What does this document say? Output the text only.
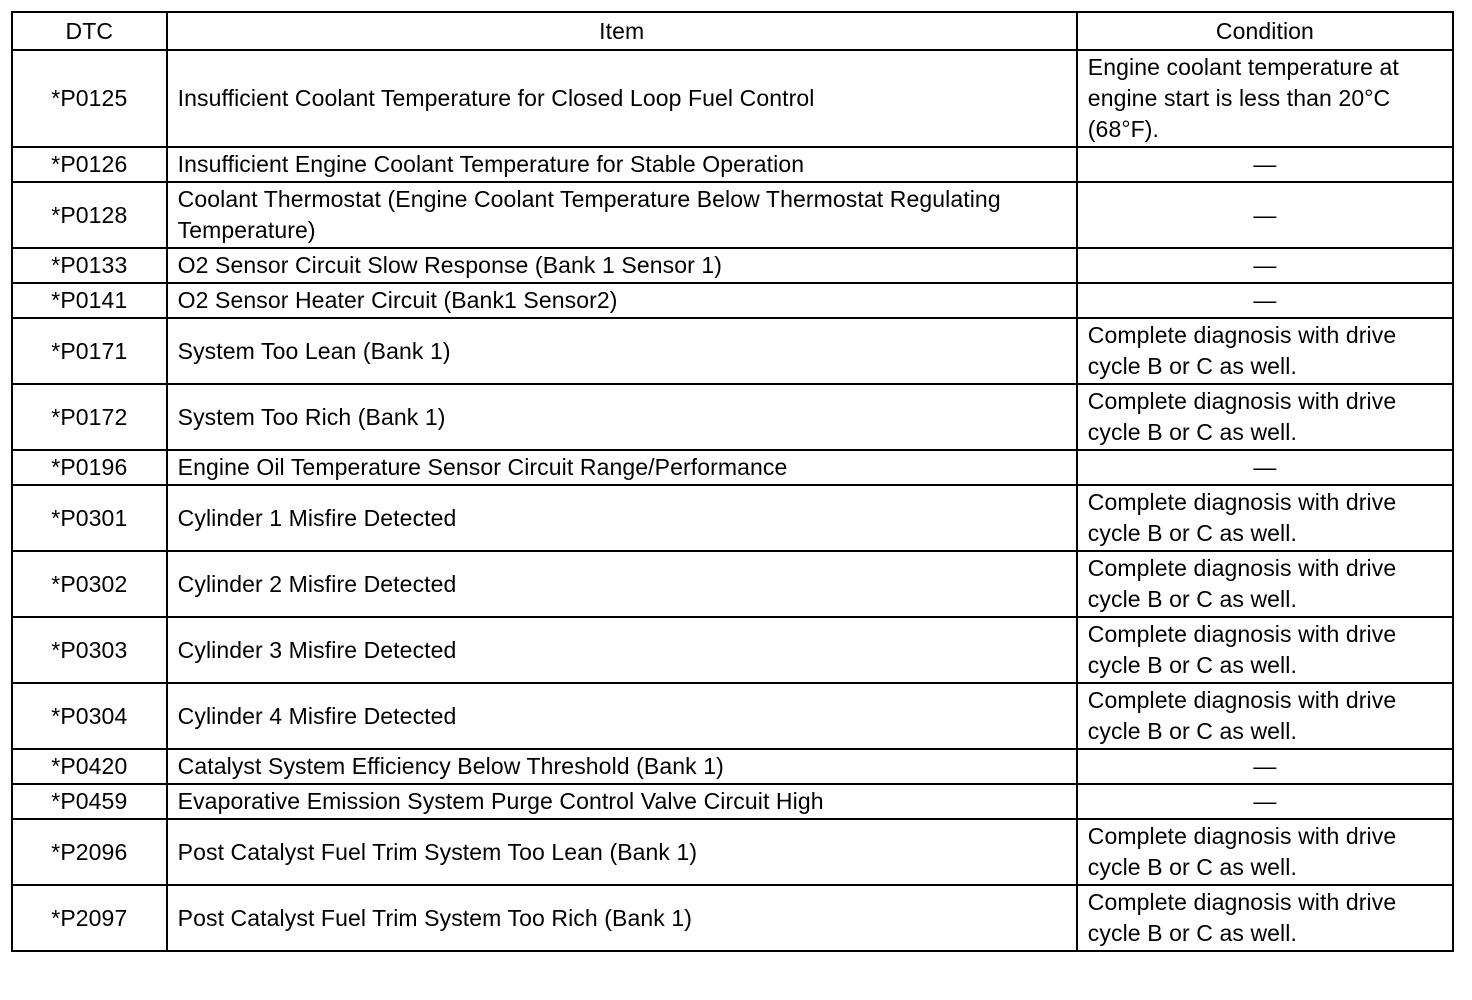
DTC	Item	Condition
*P0125	Insufficient Coolant Temperature for Closed Loop Fuel Control	Engine coolant temperature at engine start is less than 20°C (68°F).
*P0126	Insufficient Engine Coolant Temperature for Stable Operation	—
*P0128	Coolant Thermostat (Engine Coolant Temperature Below Thermostat Regulating Temperature)	—
*P0133	O2 Sensor Circuit Slow Response (Bank 1 Sensor 1)	—
*P0141	O2 Sensor Heater Circuit (Bank1 Sensor2)	—
*P0171	System Too Lean (Bank 1)	Complete diagnosis with drive cycle B or C as well.
*P0172	System Too Rich (Bank 1)	Complete diagnosis with drive cycle B or C as well.
*P0196	Engine Oil Temperature Sensor Circuit Range/Performance	—
*P0301	Cylinder 1 Misfire Detected	Complete diagnosis with drive cycle B or C as well.
*P0302	Cylinder 2 Misfire Detected	Complete diagnosis with drive cycle B or C as well.
*P0303	Cylinder 3 Misfire Detected	Complete diagnosis with drive cycle B or C as well.
*P0304	Cylinder 4 Misfire Detected	Complete diagnosis with drive cycle B or C as well.
*P0420	Catalyst System Efficiency Below Threshold (Bank 1)	—
*P0459	Evaporative Emission System Purge Control Valve Circuit High	—
*P2096	Post Catalyst Fuel Trim System Too Lean (Bank 1)	Complete diagnosis with drive cycle B or C as well.
*P2097	Post Catalyst Fuel Trim System Too Rich (Bank 1)	Complete diagnosis with drive cycle B or C as well.
